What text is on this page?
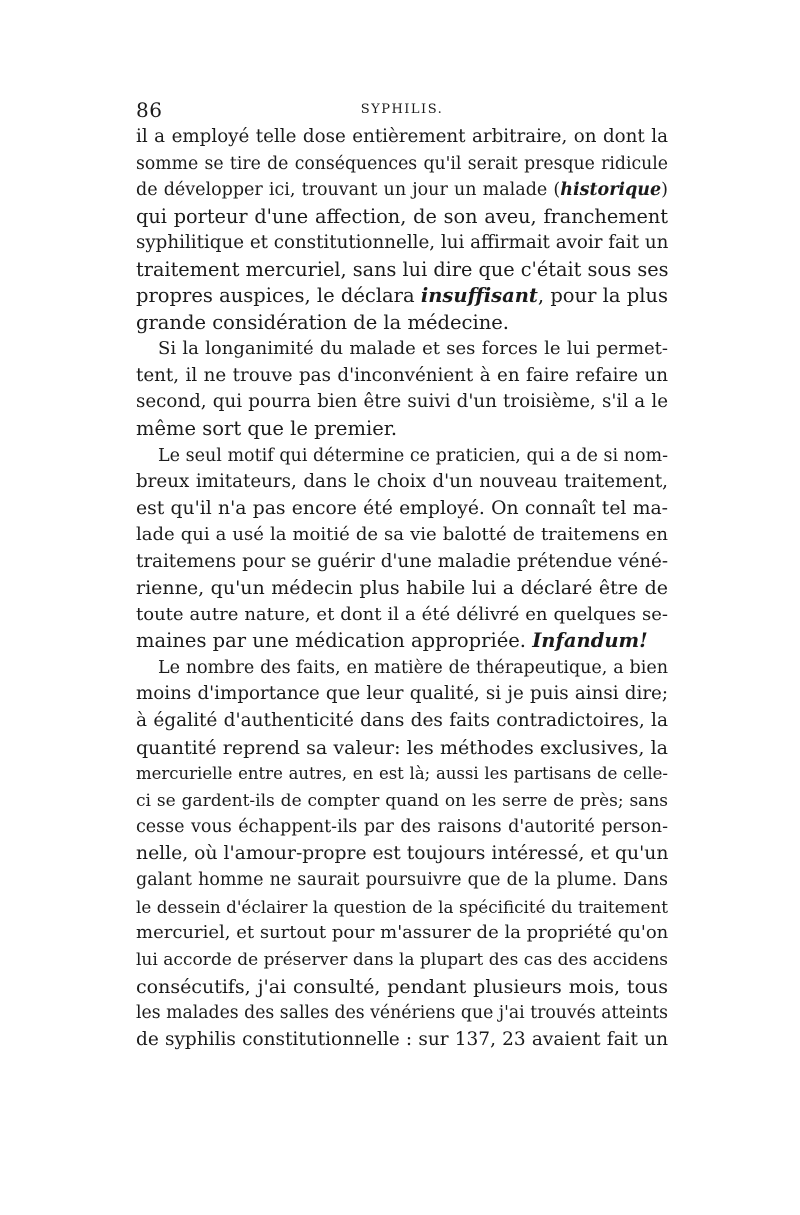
86	SYPHILIS.
il a employé telle dose entièrement arbitraire, on dont la
somme se tire de conséquences qu'il serait presque ridicule
de développer ici, trouvant un jour un malade (historique)
qui porteur d'une affection, de son aveu, franchement
syphilitique et constitutionnelle, lui affirmait avoir fait un
traitement mercuriel, sans lui dire que c'était sous ses
propres auspices, le déclara insuffisant, pour la plus
grande considération de la médecine.
Si la longanimité du malade et ses forces le lui permet-
tent, il ne trouve pas d'inconvénient à en faire refaire un
second, qui pourra bien être suivi d'un troisième, s'il a le
même sort que le premier.
Le seul motif qui détermine ce praticien, qui a de si nom-
breux imitateurs, dans le choix d'un nouveau traitement,
est qu'il n'a pas encore été employé. On connaît tel ma-
lade qui a usé la moitié de sa vie balotté de traitemens en
traitemens pour se guérir d'une maladie prétendue véné-
rienne, qu'un médecin plus habile lui a déclaré être de
toute autre nature, et dont il a été délivré en quelques se-
maines par une médication appropriée. Infandum!
Le nombre des faits, en matière de thérapeutique, a bien
moins d'importance que leur qualité, si je puis ainsi dire;
à égalité d'authenticité dans des faits contradictoires, la
quantité reprend sa valeur: les méthodes exclusives, la
mercurielle entre autres, en est là; aussi les partisans de celle-
ci se gardent-ils de compter quand on les serre de près; sans
cesse vous échappent-ils par des raisons d'autorité person-
nelle, où l'amour-propre est toujours intéressé, et qu'un
galant homme ne saurait poursuivre que de la plume. Dans
le dessein d'éclairer la question de la spécificité du traitement
mercuriel, et surtout pour m'assurer de la propriété qu'on
lui accorde de préserver dans la plupart des cas des accidens
consécutifs, j'ai consulté, pendant plusieurs mois, tous
les malades des salles des vénériens que j'ai trouvés atteints
de syphilis constitutionnelle : sur 137, 23 avaient fait un
